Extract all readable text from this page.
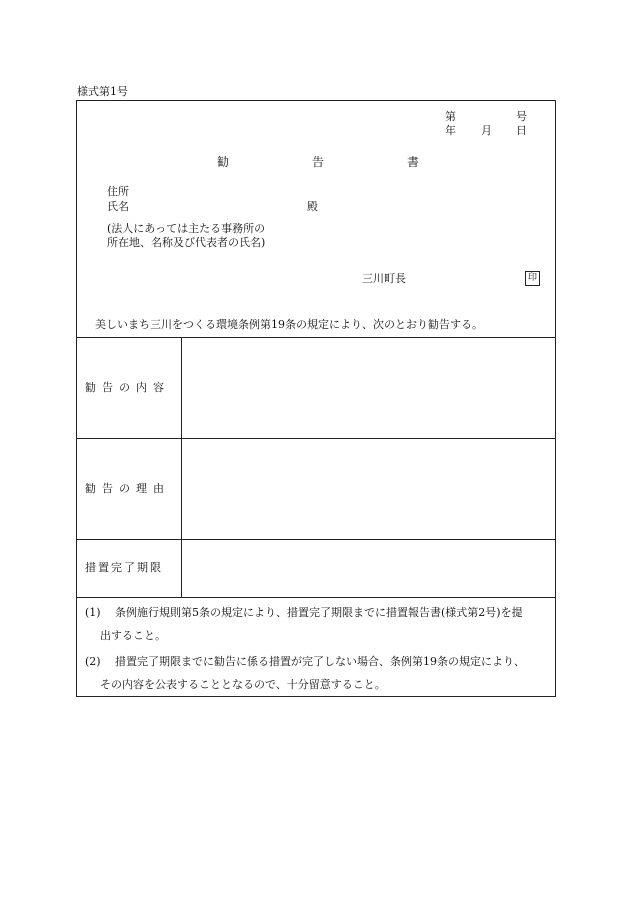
様式第1号
第	号
年 月 日
勧	告	書
住所
氏名	殿
(法人にあっては主たる事務所の
所在地、名称及び代表者の氏名)
三川町長	印
美しいまち三川をつくる環境条例第19条の規定により、次のとおり勧告する。
勧告の内容
勧告の理由
措置完了期限
(1) 条例施行規則第5条の規定により、措置完了期限までに措置報告書(様式第2号)を提
出すること。
(2) 措置完了期限までに勧告に係る措置が完了しない場合、条例第19条の規定により、
その内容を公表することとなるので、十分留意すること。
